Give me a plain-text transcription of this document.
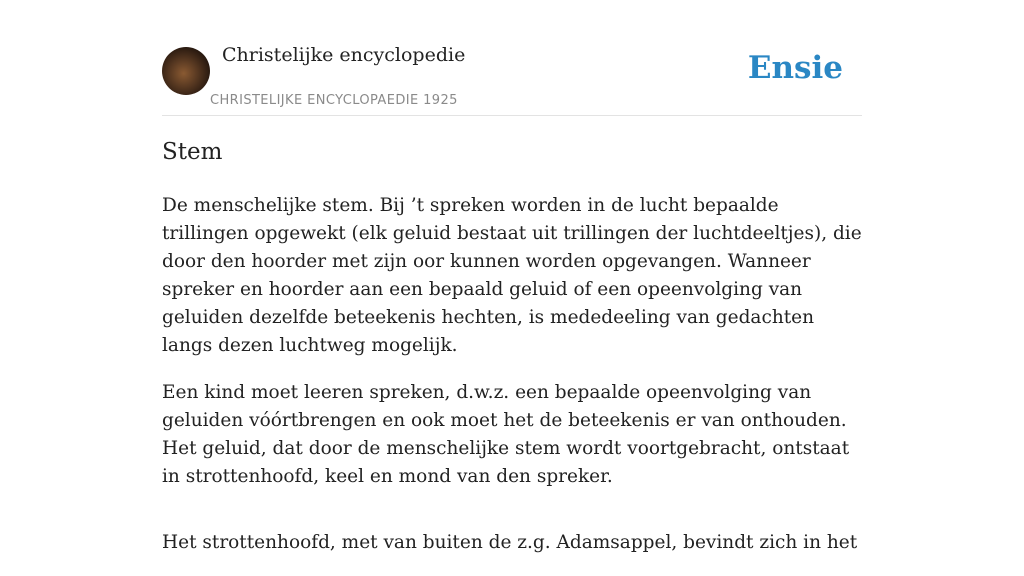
Christelijke encyclopedie
CHRISTELIJKE ENCYCLOPAEDIE 1925
Ensie
Stem

De menschelijke stem. Bij ’t spreken worden in de lucht bepaalde trillingen opgewekt (elk geluid bestaat uit trillingen der luchtdeeltjes), die door den hoorder met zijn oor kunnen worden opgevangen. Wanneer spreker en hoorder aan een bepaald geluid of een opeenvolging van geluiden dezelfde beteekenis hechten, is mededeeling van gedachten langs dezen luchtweg mogelijk.

Een kind moet leeren spreken, d.w.z. een bepaalde opeenvolging van geluiden vóórtbrengen en ook moet het de beteekenis er van onthouden. Het geluid, dat door de menschelijke stem wordt voortgebracht, ontstaat in strottenhoofd, keel en mond van den spreker.

Het strottenhoofd, met van buiten de z.g. Adamsappel, bevindt zich in het
